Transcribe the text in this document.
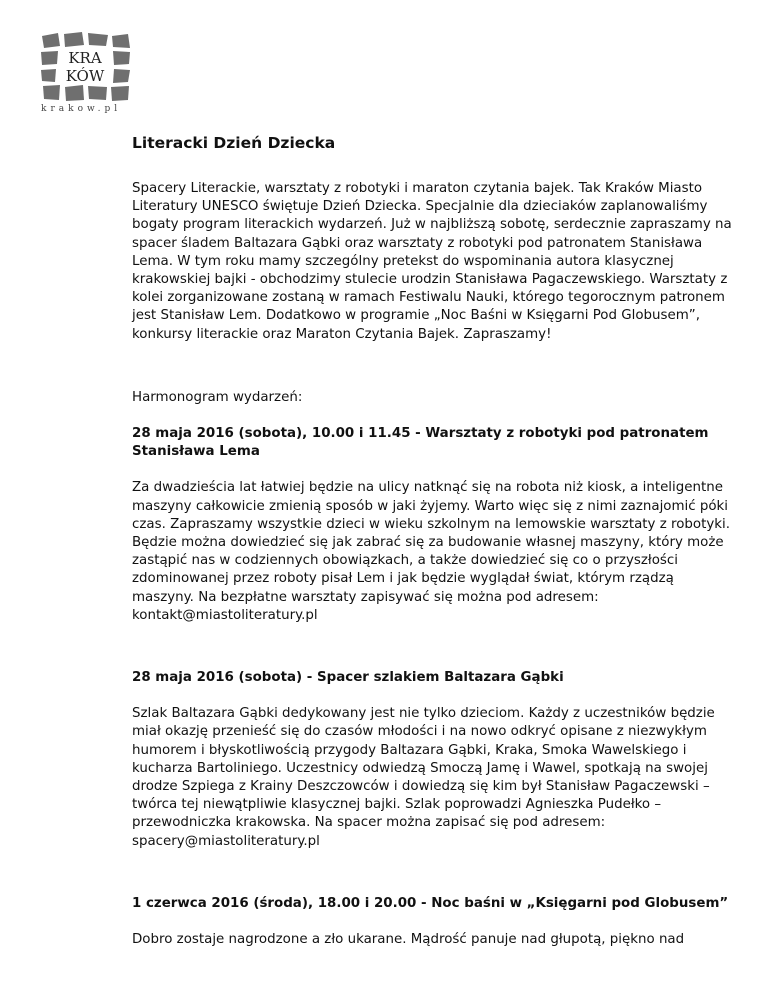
KRA
KÓW
krakow.pl
Literacki Dzień Dziecka

Spacery Literackie, warsztaty z robotyki i maraton czytania bajek. Tak Kraków Miasto Literatury UNESCO świętuje Dzień Dziecka. Specjalnie dla dzieciaków zaplanowaliśmy bogaty program literackich wydarzeń. Już w najbliższą sobotę, serdecznie zapraszamy na spacer śladem Baltazara Gąbki oraz warsztaty z robotyki pod patronatem Stanisława Lema. W tym roku mamy szczególny pretekst do wspominania autora klasycznej krakowskiej bajki - obchodzimy stulecie urodzin Stanisława Pagaczewskiego. Warsztaty z kolei zorganizowane zostaną w ramach Festiwalu Nauki, którego tegorocznym patronem jest Stanisław Lem. Dodatkowo w programie „Noc Baśni w Księgarni Pod Globusem”, konkursy literackie oraz Maraton Czytania Bajek. Zapraszamy!

Harmonogram wydarzeń:

28 maja 2016 (sobota), 10.00 i 11.45 - Warsztaty z robotyki pod patronatem Stanisława Lema

Za dwadzieścia lat łatwiej będzie na ulicy natknąć się na robota niż kiosk, a inteligentne maszyny całkowicie zmienią sposób w jaki żyjemy. Warto więc się z nimi zaznajomić póki czas. Zapraszamy wszystkie dzieci w wieku szkolnym na lemowskie warsztaty z robotyki. Będzie można dowiedzieć się jak zabrać się za budowanie własnej maszyny, który może zastąpić nas w codziennych obowiązkach, a także dowiedzieć się co o przyszłości zdominowanej przez roboty pisał Lem i jak będzie wyglądał świat, którym rządzą maszyny. Na bezpłatne warsztaty zapisywać się można pod adresem: kontakt@miastoliteratury.pl

28 maja 2016 (sobota) - Spacer szlakiem Baltazara Gąbki

Szlak Baltazara Gąbki dedykowany jest nie tylko dzieciom. Każdy z uczestników będzie miał okazję przenieść się do czasów młodości i na nowo odkryć opisane z niezwykłym humorem i błyskotliwością przygody Baltazara Gąbki, Kraka, Smoka Wawelskiego i kucharza Bartoliniego. Uczestnicy odwiedzą Smoczą Jamę i Wawel, spotkają na swojej drodze Szpiega z Krainy Deszczowców i dowiedzą się kim był Stanisław Pagaczewski – twórca tej niewątpliwie klasycznej bajki. Szlak poprowadzi Agnieszka Pudełko – przewodniczka krakowska. Na spacer można zapisać się pod adresem: spacery@miastoliteratury.pl

1 czerwca 2016 (środa), 18.00 i 20.00 - Noc baśni w „Księgarni pod Globusem”

Dobro zostaje nagrodzone a zło ukarane. Mądrość panuje nad głupotą, piękno nad
